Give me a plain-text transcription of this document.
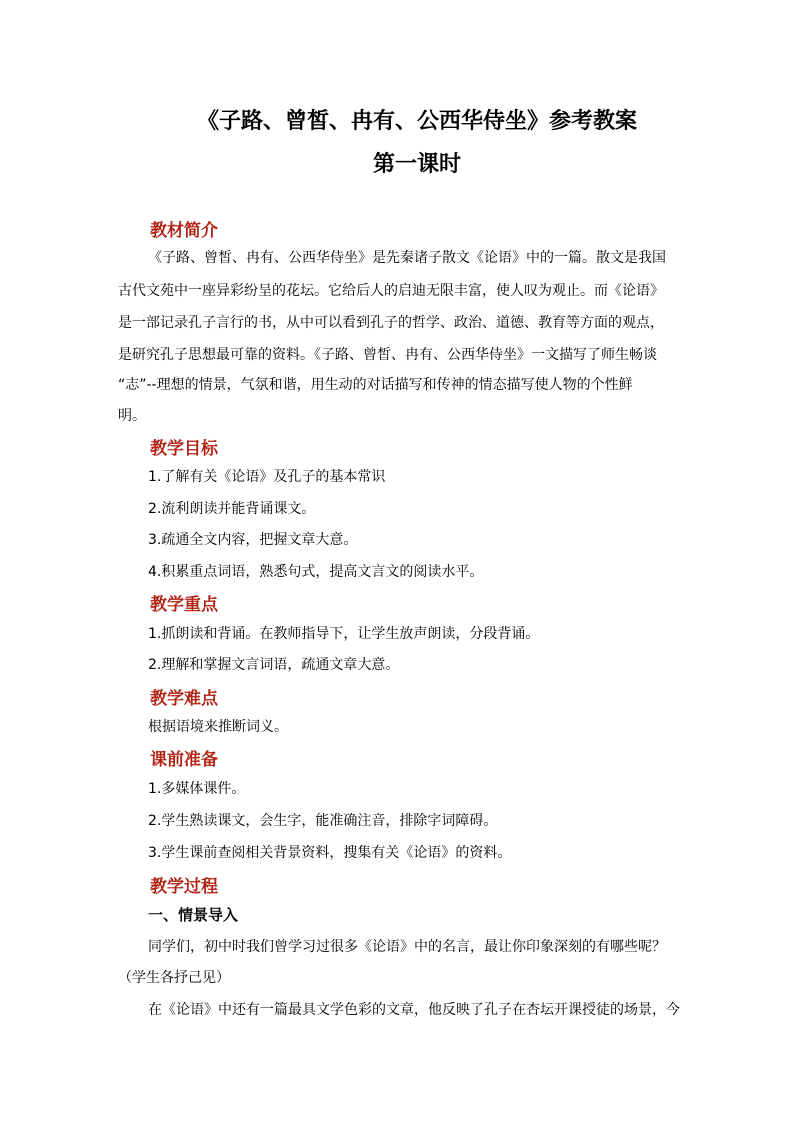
《子路、曾皙、冉有、公西华侍坐》参考教案
第一课时
教材简介
《子路、曾皙、冉有、公西华侍坐》是先秦诸子散文《论语》中的一篇。散文是我国
古代文苑中一座异彩纷呈的花坛。它给后人的启迪无限丰富，使人叹为观止。而《论语》
是一部记录孔子言行的书，从中可以看到孔子的哲学、政治、道德、教育等方面的观点，
是研究孔子思想最可靠的资料。《子路、曾皙、冉有、公西华侍坐》一文描写了师生畅谈
“志”--理想的情景，气氛和谐，用生动的对话描写和传神的情态描写使人物的个性鲜
明。
教学目标
1.了解有关《论语》及孔子的基本常识
2.流利朗读并能背诵课文。
3.疏通全文内容，把握文章大意。
4.积累重点词语，熟悉句式，提高文言文的阅读水平。
教学重点
1.抓朗读和背诵。在教师指导下，让学生放声朗读，分段背诵。
2.理解和掌握文言词语，疏通文章大意。
教学难点
根据语境来推断词义。
课前准备
1.多媒体课件。
2.学生熟读课文，会生字，能准确注音，排除字词障碍。
3.学生课前查阅相关背景资料，搜集有关《论语》的资料。
教学过程
一、情景导入
同学们，初中时我们曾学习过很多《论语》中的名言，最让你印象深刻的有哪些呢？
（学生各抒己见）
在《论语》中还有一篇最具文学色彩的文章，他反映了孔子在杏坛开课授徒的场景，今
